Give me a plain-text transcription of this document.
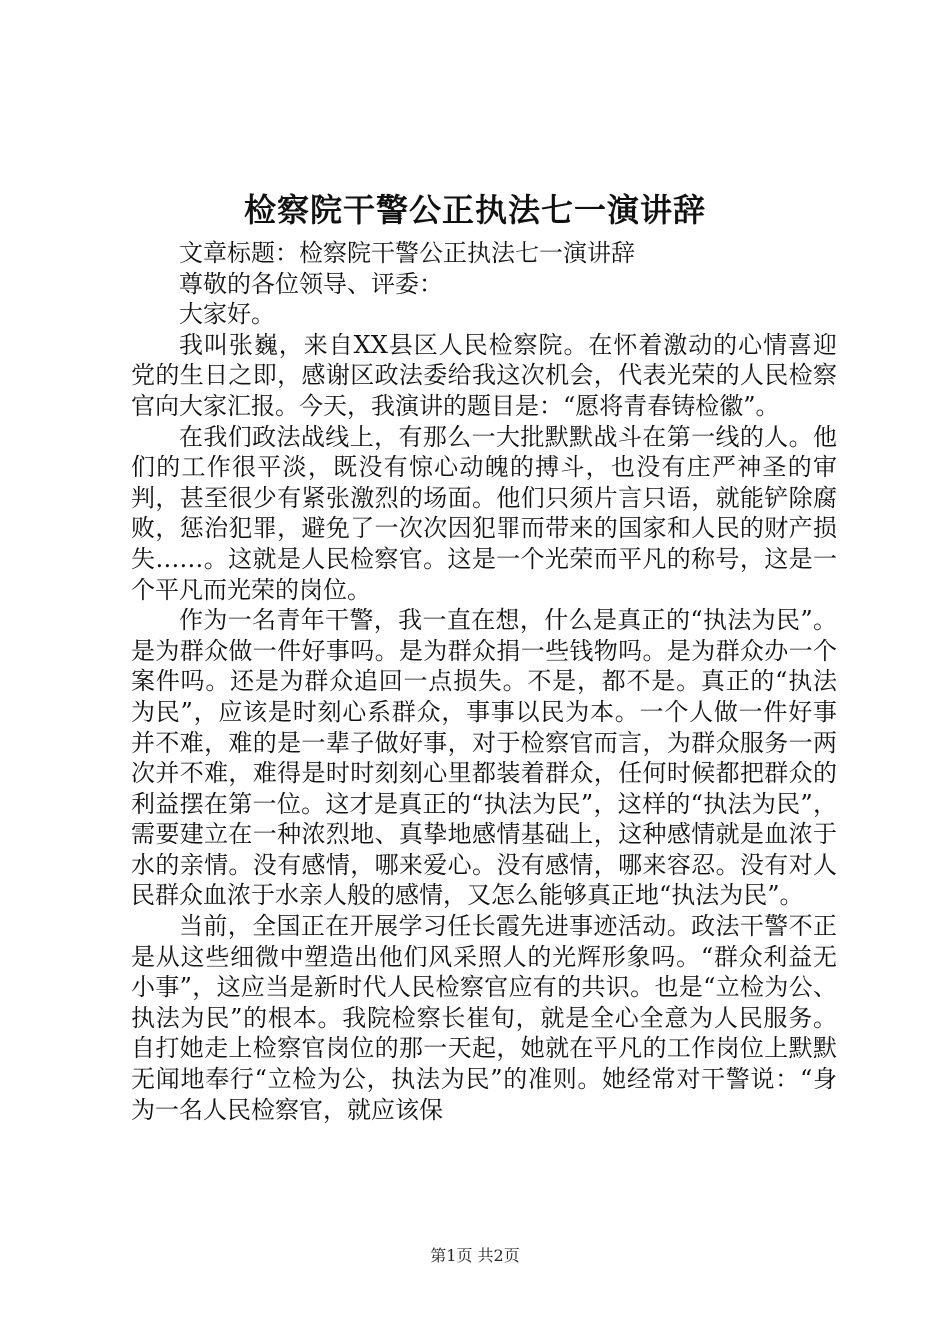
检察院干警公正执法七一演讲辞

文章标题：检察院干警公正执法七一演讲辞

尊敬的各位领导、评委：

大家好。

我叫张巍，来自XX县区人民检察院。在怀着激动的心情喜迎党的生日之即，感谢区政法委给我这次机会，代表光荣的人民检察官向大家汇报。今天，我演讲的题目是：“愿将青春铸检徽”。

在我们政法战线上，有那么一大批默默战斗在第一线的人。他们的工作很平淡，既没有惊心动魄的搏斗，也没有庄严神圣的审判，甚至很少有紧张激烈的场面。他们只须片言只语，就能铲除腐败，惩治犯罪，避免了一次次因犯罪而带来的国家和人民的财产损失……。这就是人民检察官。这是一个光荣而平凡的称号，这是一个平凡而光荣的岗位。

作为一名青年干警，我一直在想，什么是真正的“执法为民”。是为群众做一件好事吗。是为群众捐一些钱物吗。是为群众办一个案件吗。还是为群众追回一点损失。不是，都不是。真正的“执法为民”，应该是时刻心系群众，事事以民为本。一个人做一件好事并不难，难的是一辈子做好事，对于检察官而言，为群众服务一两次并不难，难得是时时刻刻心里都装着群众，任何时候都把群众的利益摆在第一位。这才是真正的“执法为民”，这样的“执法为民”，需要建立在一种浓烈地、真挚地感情基础上，这种感情就是血浓于水的亲情。没有感情，哪来爱心。没有感情，哪来容忍。没有对人民群众血浓于水亲人般的感情，又怎么能够真正地“执法为民”。

当前，全国正在开展学习任长霞先进事迹活动。政法干警不正是从这些细微中塑造出他们风采照人的光辉形象吗。“群众利益无小事”，这应当是新时代人民检察官应有的共识。也是“立检为公、执法为民”的根本。我院检察长崔旬，就是全心全意为人民服务。自打她走上检察官岗位的那一天起，她就在平凡的工作岗位上默默无闻地奉行“立检为公，执法为民”的准则。她经常对干警说：“身为一名人民检察官，就应该保

第1页 共2页
